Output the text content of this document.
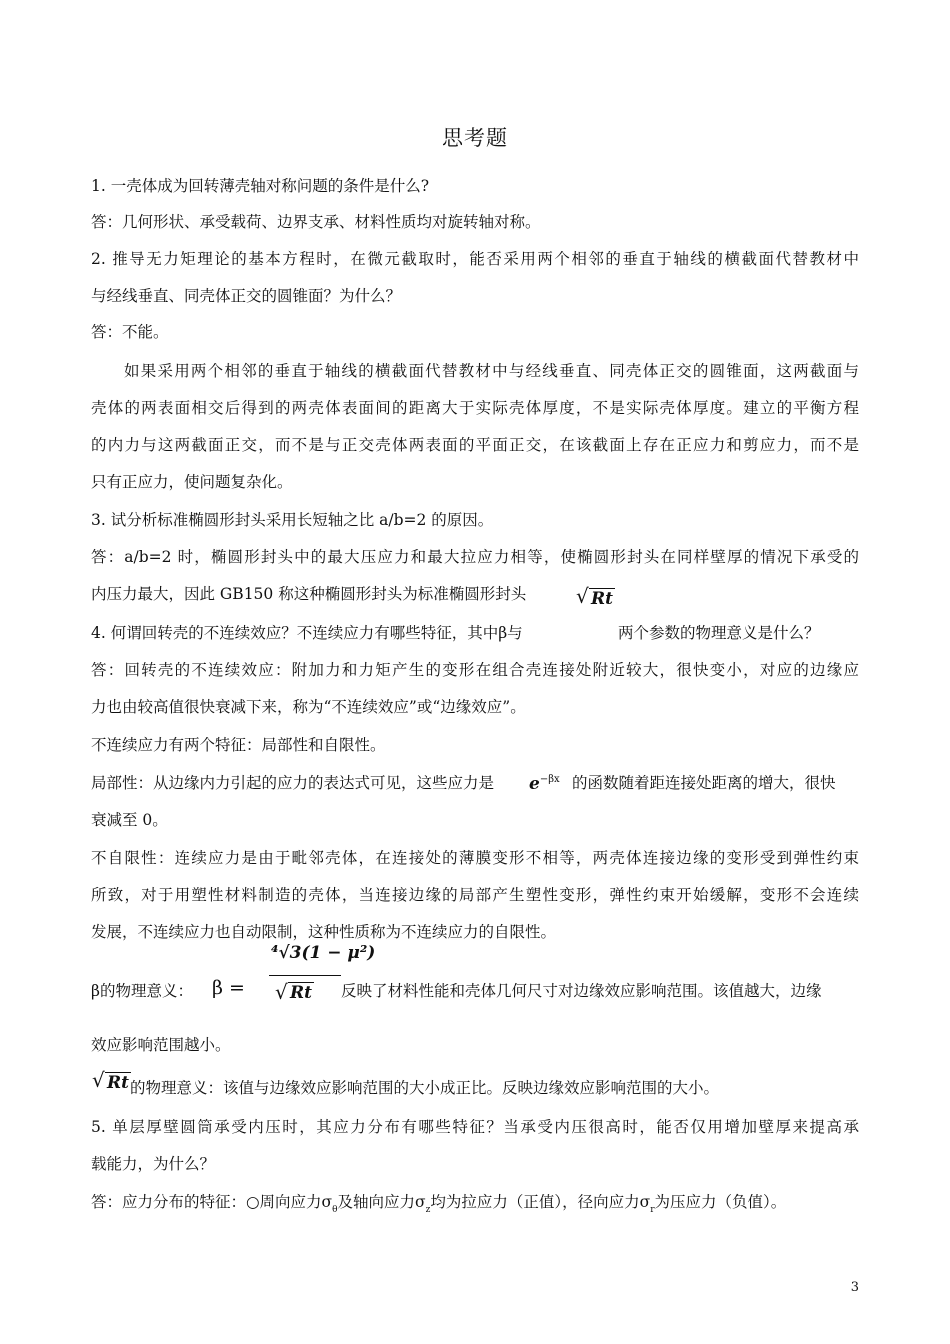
思考题
1. 一壳体成为回转薄壳轴对称问题的条件是什么?
答：几何形状、承受载荷、边界支承、材料性质均对旋转轴对称。
2. 推导无力矩理论的基本方程时，在微元截取时，能否采用两个相邻的垂直于轴线的横截面代替教材中
与经线垂直、同壳体正交的圆锥面？为什么？
答：不能。
如果采用两个相邻的垂直于轴线的横截面代替教材中与经线垂直、同壳体正交的圆锥面，这两截面与
壳体的两表面相交后得到的两壳体表面间的距离大于实际壳体厚度，不是实际壳体厚度。建立的平衡方程
的内力与这两截面正交，而不是与正交壳体两表面的平面正交，在该截面上存在正应力和剪应力，而不是
只有正应力，使问题复杂化。
3. 试分析标准椭圆形封头采用长短轴之比 a/b=2 的原因。
答：a/b=2 时，椭圆形封头中的最大压应力和最大拉应力相等，使椭圆形封头在同样壁厚的情况下承受的
内压力最大，因此 GB150 称这种椭圆形封头为标准椭圆形封头
√	Rt
4. 何谓回转壳的不连续效应？不连续应力有哪些特征，其中β与	两个参数的物理意义是什么？
答：回转壳的不连续效应：附加力和力矩产生的变形在组合壳连接处附近较大，很快变小，对应的边缘应
力也由较高值很快衰减下来，称为“不连续效应”或“边缘效应”。
不连续应力有两个特征：局部性和自限性。
局部性：从边缘内力引起的应力的表达式可见，这些应力是 $e^{-\beta x}$ 的函数随着距连接处距离的增大，很快
衰减至 0。
不自限性：连续应力是由于毗邻壳体，在连接处的薄膜变形不相等，两壳体连接边缘的变形受到弹性约束
所致，对于用塑性材料制造的壳体，当连接边缘的局部产生塑性变形，弹性约束开始缓解，变形不会连续
发展，不连续应力也自动限制，这种性质称为不连续应力的自限性。
β的物理意义： β =
⁴√3(1 − μ²)
√ Rt 反映了材料性能和壳体几何尺寸对边缘效应影响范围。该值越大，边缘
效应影响范围越小。
√ Rt 的物理意义：该值与边缘效应影响范围的大小成正比。反映边缘效应影响范围的大小。
5. 单层厚壁圆筒承受内压时，其应力分布有哪些特征？当承受内压很高时，能否仅用增加壁厚来提高承
载能力，为什么？
答：应力分布的特征：○周向应力$\sigma_\theta$及轴向应力$\sigma_z$均为拉应力（正值），径向应力$\sigma_r$为压应力（负值）。
3
